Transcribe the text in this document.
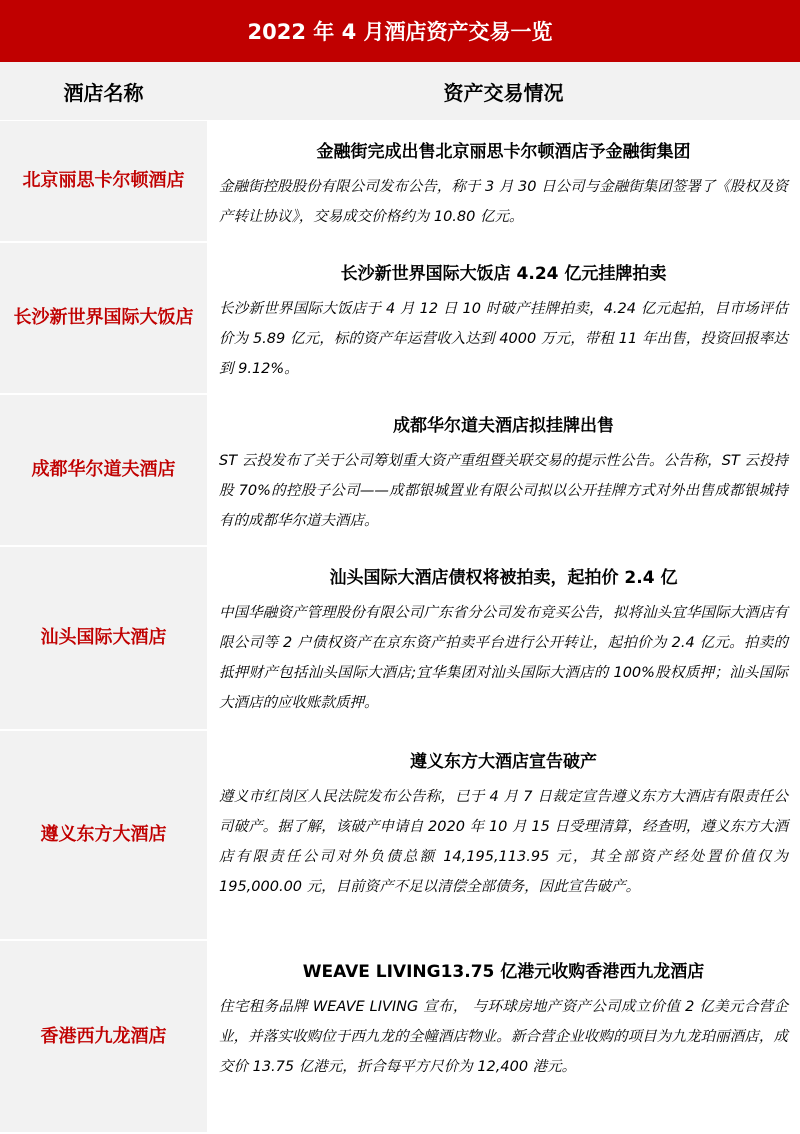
2022 年 4 月酒店资产交易一览
酒店名称	资产交易情况
北京丽思卡尔顿酒店
金融街完成出售北京丽思卡尔顿酒店予金融街集团
金融街控股股份有限公司发布公告，称于 3 月 30 日公司与金融街集团签署了《股权及资产转让协议》，交易成交价格约为 10.80 亿元。
长沙新世界国际大饭店
长沙新世界国际大饭店 4.24 亿元挂牌拍卖
长沙新世界国际大饭店于 4 月 12 日 10 时破产挂牌拍卖，4.24 亿元起拍，目市场评估价为 5.89 亿元，标的资产年运营收入达到 4000 万元，带租 11 年出售，投资回报率达到 9.12%。
成都华尔道夫酒店
成都华尔道夫酒店拟挂牌出售
ST 云投发布了关于公司筹划重大资产重组暨关联交易的提示性公告。公告称，ST 云投持股 70%的控股子公司——成都银城置业有限公司拟以公开挂牌方式对外出售成都银城持有的成都华尔道夫酒店。
汕头国际大酒店
汕头国际大酒店债权将被拍卖，起拍价 2.4 亿
中国华融资产管理股份有限公司广东省分公司发布竞买公告，拟将汕头宜华国际大酒店有限公司等 2 户债权资产在京东资产拍卖平台进行公开转让，起拍价为 2.4 亿元。拍卖的抵押财产包括汕头国际大酒店;宜华集团对汕头国际大酒店的 100%股权质押；汕头国际大酒店的应收账款质押。
遵义东方大酒店
遵义东方大酒店宣告破产
遵义市红岗区人民法院发布公告称，已于 4 月 7 日裁定宣告遵义东方大酒店有限责任公司破产。据了解，该破产申请自 2020 年 10 月 15 日受理清算，经查明，遵义东方大酒店有限责任公司对外负债总额 14,195,113.95 元，其全部资产经处置价值仅为 195,000.00 元，目前资产不足以清偿全部债务，因此宣告破产。
香港西九龙酒店
WEAVE LIVING13.75 亿港元收购香港西九龙酒店
住宅租务品牌 WEAVE LIVING 宣布， 与环球房地产资产公司成立价值 2 亿美元合营企业，并落实收购位于西九龙的全幢酒店物业。新合营企业收购的项目为九龙珀丽酒店，成交价 13.75 亿港元，折合每平方尺价为 12,400 港元。
